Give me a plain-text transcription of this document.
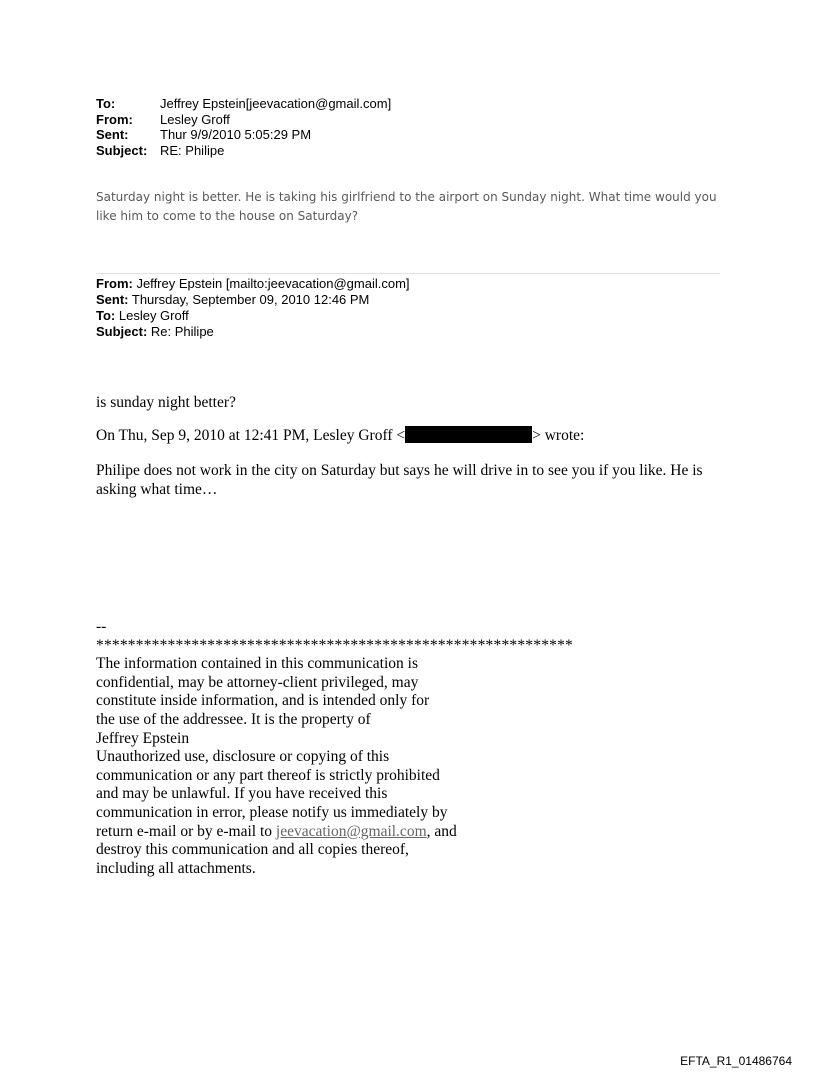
To:	Jeffrey Epstein[jeevacation@gmail.com]
From:	Lesley Groff
Sent:	Thur 9/9/2010 5:05:29 PM
Subject: RE: Philipe
Saturday night is better. He is taking his girlfriend to the airport on Sunday night. What time would you like him to come to the house on Saturday?
From: Jeffrey Epstein [mailto:jeevacation@gmail.com]
Sent: Thursday, September 09, 2010 12:46 PM
To: Lesley Groff
Subject: Re: Philipe
is sunday night better?
On Thu, Sep 9, 2010 at 12:41 PM, Lesley Groff <	> wrote:
Philipe does not work in the city on Saturday but says he will drive in to see you if you like. He is asking what time…
--
************************************************************
The information contained in this communication is
confidential, may be attorney-client privileged, may
constitute inside information, and is intended only for
the use of the addressee. It is the property of
Jeffrey Epstein
Unauthorized use, disclosure or copying of this
communication or any part thereof is strictly prohibited
and may be unlawful. If you have received this
communication in error, please notify us immediately by
return e-mail or by e-mail to jeevacation@gmail.com, and
destroy this communication and all copies thereof,
including all attachments.
EFTA_R1_01486764
